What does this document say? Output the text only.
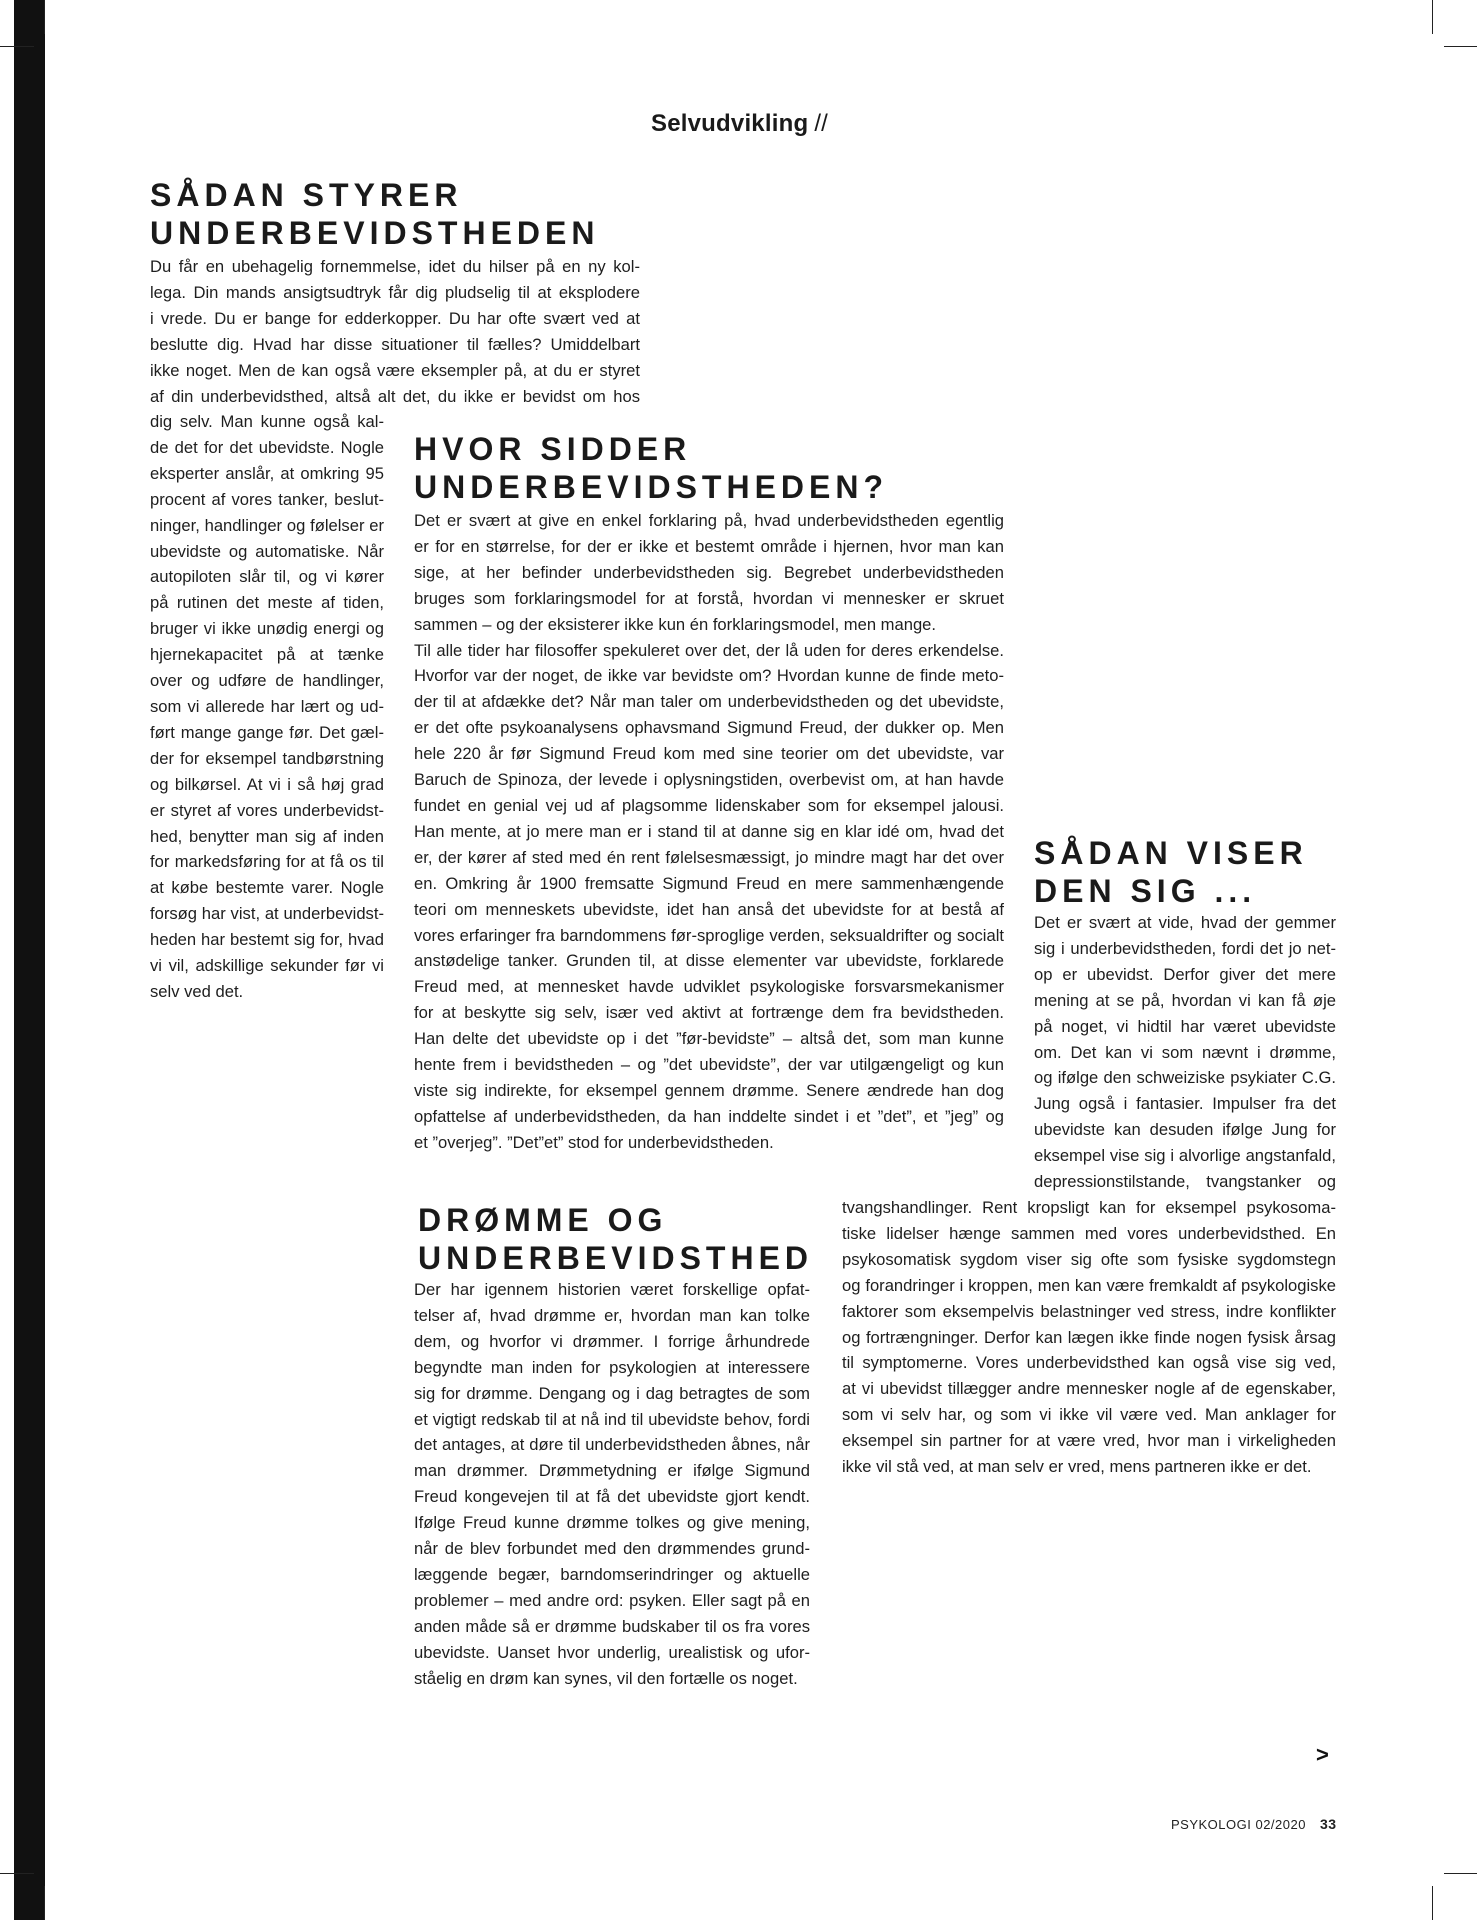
Selvudvikling //
SÅDAN STYRER
UNDERBEVIDSTHEDEN
Du får en ubehagelig fornemmelse, idet du hilser på en ny kol-
lega. Din mands ansigtsudtryk får dig pludselig til at eksplodere
i vrede. Du er bange for edderkopper. Du har ofte svært ved at
beslutte dig. Hvad har disse situationer til fælles? Umiddelbart
ikke noget. Men de kan også være eksempler på, at du er styret
af din underbevidsthed, altså alt det, du ikke er bevidst om hos
dig selv. Man kunne også kal-
de det for det ubevidste. Nogle
eksperter anslår, at omkring 95
procent af vores tanker, beslut-
ninger, handlinger og følelser er
ubevidste og automatiske. Når
autopiloten slår til, og vi kører
på rutinen det meste af tiden,
bruger vi ikke unødig energi og
hjernekapacitet på at tænke
over og udføre de handlinger,
som vi allerede har lært og ud-
ført mange gange før. Det gæl-
der for eksempel tandbørstning
og bilkørsel. At vi i så høj grad
er styret af vores underbevidst-
hed, benytter man sig af inden
for markedsføring for at få os til
at købe bestemte varer. Nogle
forsøg har vist, at underbevidst-
heden har bestemt sig for, hvad
vi vil, adskillige sekunder før vi
selv ved det.
HVOR SIDDER
UNDERBEVIDSTHEDEN?
Det er svært at give en enkel forklaring på, hvad underbevidstheden egentlig
er for en størrelse, for der er ikke et bestemt område i hjernen, hvor man kan
sige, at her befinder underbevidstheden sig. Begrebet underbevidstheden
bruges som forklaringsmodel for at forstå, hvordan vi mennesker er skruet
sammen – og der eksisterer ikke kun én forklaringsmodel, men mange.
Til alle tider har filosoffer spekuleret over det, der lå uden for deres erkendelse.
Hvorfor var der noget, de ikke var bevidste om? Hvordan kunne de finde meto-
der til at afdække det? Når man taler om underbevidstheden og det ubevidste,
er det ofte psykoanalysens ophavsmand Sigmund Freud, der dukker op. Men
hele 220 år før Sigmund Freud kom med sine teorier om det ubevidste, var
Baruch de Spinoza, der levede i oplysningstiden, overbevist om, at han havde
fundet en genial vej ud af plagsomme lidenskaber som for eksempel jalousi.
Han mente, at jo mere man er i stand til at danne sig en klar idé om, hvad det
er, der kører af sted med én rent følelsesmæssigt, jo mindre magt har det over
en. Omkring år 1900 fremsatte Sigmund Freud en mere sammenhængende
teori om menneskets ubevidste, idet han anså det ubevidste for at bestå af
vores erfaringer fra barndommens før-sproglige verden, seksualdrifter og socialt
anstødelige tanker. Grunden til, at disse elementer var ubevidste, forklarede
Freud med, at mennesket havde udviklet psykologiske forsvarsmekanismer
for at beskytte sig selv, især ved aktivt at fortrænge dem fra bevidstheden.
Han delte det ubevidste op i det ”før-bevidste” – altså det, som man kunne
hente frem i bevidstheden – og ”det ubevidste”, der var utilgængeligt og kun
viste sig indirekte, for eksempel gennem drømme. Senere ændrede han dog
opfattelse af underbevidstheden, da han inddelte sindet i et ”det”, et ”jeg” og
et ”overjeg”. ”Det”et” stod for underbevidstheden.
SÅDAN VISER
DEN SIG ...
Det er svært at vide, hvad der gemmer
sig i underbevidstheden, fordi det jo net-
op er ubevidst. Derfor giver det mere
mening at se på, hvordan vi kan få øje
på noget, vi hidtil har været ubevidste
om. Det kan vi som nævnt i drømme,
og ifølge den schweiziske psykiater C.G.
Jung også i fantasier. Impulser fra det
ubevidste kan desuden ifølge Jung for
eksempel vise sig i alvorlige angstanfald,
depressionstilstande, tvangstanker og
tvangshandlinger. Rent kropsligt kan for eksempel psykosoma-
tiske lidelser hænge sammen med vores underbevidsthed. En
psykosomatisk sygdom viser sig ofte som fysiske sygdomstegn
og forandringer i kroppen, men kan være fremkaldt af psykologiske
faktorer som eksempelvis belastninger ved stress, indre konflikter
og fortrængninger. Derfor kan lægen ikke finde nogen fysisk årsag
til symptomerne. Vores underbevidsthed kan også vise sig ved,
at vi ubevidst tillægger andre mennesker nogle af de egenskaber,
som vi selv har, og som vi ikke vil være ved. Man anklager for
eksempel sin partner for at være vred, hvor man i virkeligheden
ikke vil stå ved, at man selv er vred, mens partneren ikke er det.
DRØMME OG
UNDERBEVIDSTHED
Der har igennem historien været forskellige opfat-
telser af, hvad drømme er, hvordan man kan tolke
dem, og hvorfor vi drømmer. I forrige århundrede
begyndte man inden for psykologien at interessere
sig for drømme. Dengang og i dag betragtes de som
et vigtigt redskab til at nå ind til ubevidste behov, fordi
det antages, at døre til underbevidstheden åbnes, når
man drømmer. Drømmetydning er ifølge Sigmund
Freud kongevejen til at få det ubevidste gjort kendt.
Ifølge Freud kunne drømme tolkes og give mening,
når de blev forbundet med den drømmendes grund-
læggende begær, barndomserindringer og aktuelle
problemer – med andre ord: psyken. Eller sagt på en
anden måde så er drømme budskaber til os fra vores
ubevidste. Uanset hvor underlig, urealistisk og ufor-
ståelig en drøm kan synes, vil den fortælle os noget.
>
PSYKOLOGI 02/2020 33
